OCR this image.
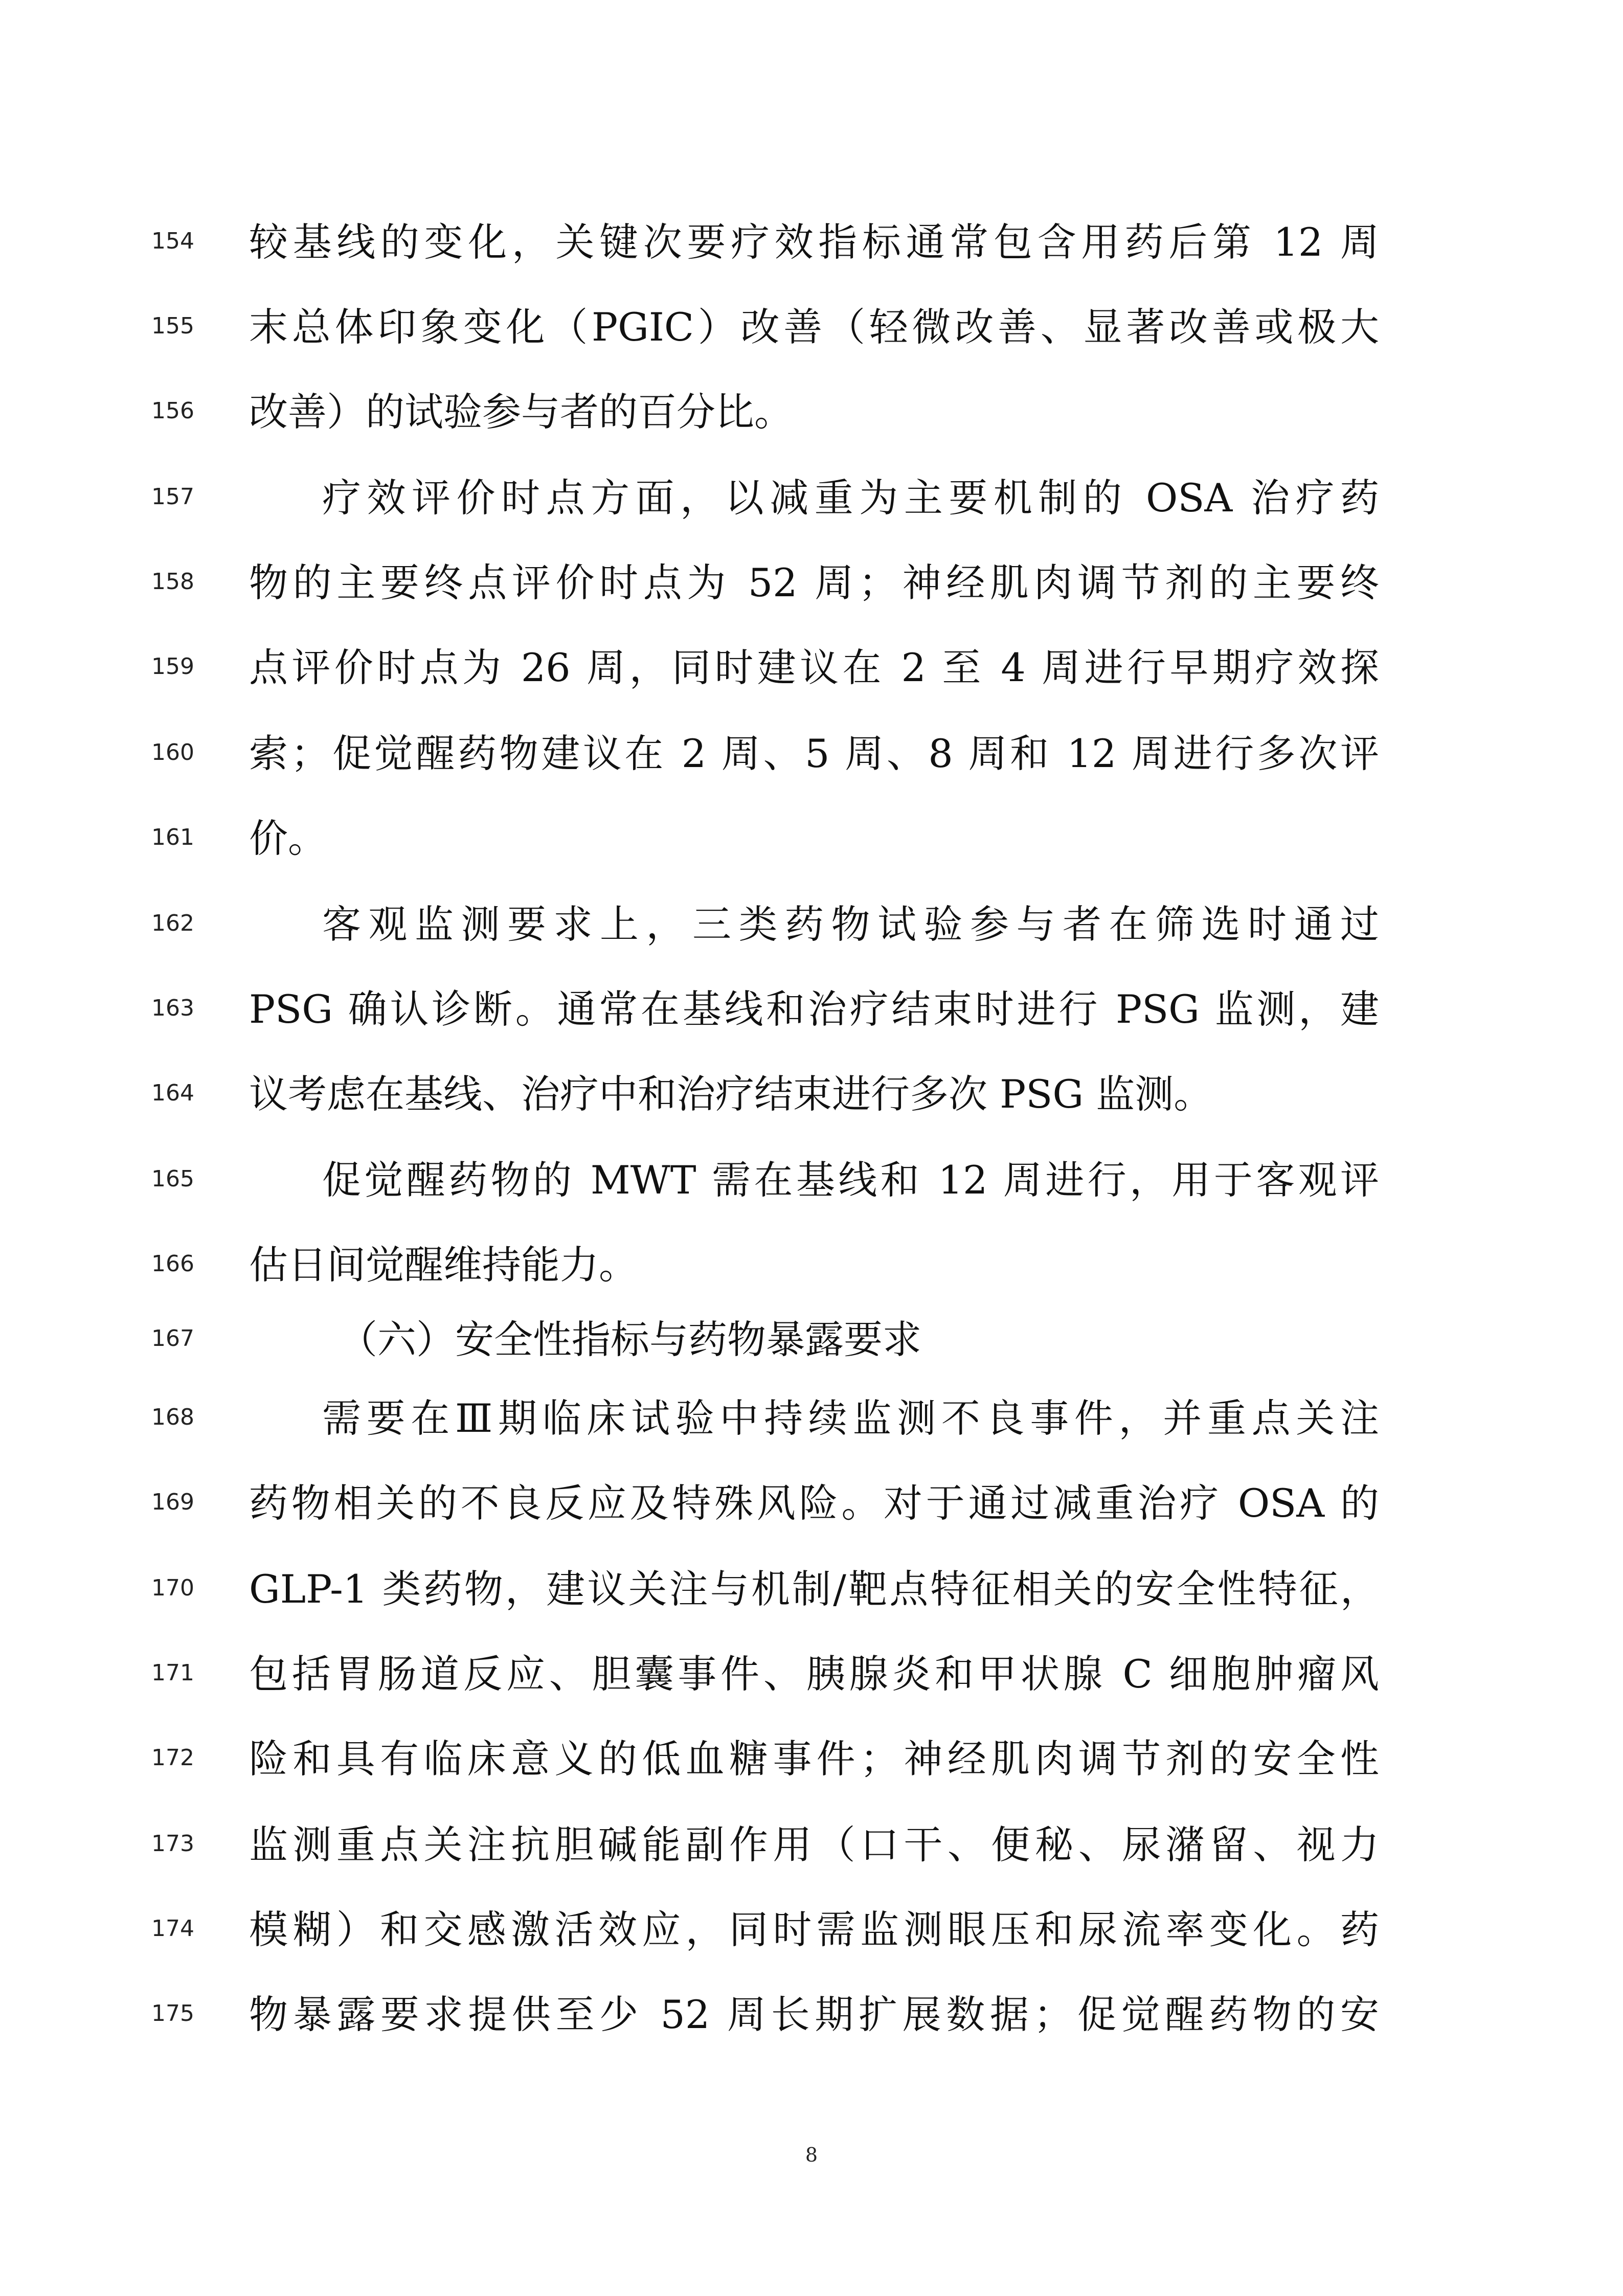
154	较基线的变化，关键次要疗效指标通常包含用药后第 12 周
155	末总体印象变化（PGIC）改善（轻微改善、显著改善或极大
156	改善）的试验参与者的百分比。
157	疗效评价时点方面，以减重为主要机制的 OSA 治疗药
158	物的主要终点评价时点为 52 周；神经肌肉调节剂的主要终
159	点评价时点为 26 周，同时建议在 2 至 4 周进行早期疗效探
160	索；促觉醒药物建议在 2 周、5 周、8 周和 12 周进行多次评
161	价。
162	客观监测要求上，三类药物试验参与者在筛选时通过
163	PSG 确认诊断。通常在基线和治疗结束时进行 PSG 监测，建
164	议考虑在基线、治疗中和治疗结束进行多次 PSG 监测。
165	促觉醒药物的 MWT 需在基线和 12 周进行，用于客观评
166	估日间觉醒维持能力。
167	（六）安全性指标与药物暴露要求
168	需要在Ⅲ期临床试验中持续监测不良事件，并重点关注
169	药物相关的不良反应及特殊风险。对于通过减重治疗 OSA 的
170	GLP-1 类药物，建议关注与机制/靶点特征相关的安全性特征，
171	包括胃肠道反应、胆囊事件、胰腺炎和甲状腺 C 细胞肿瘤风
172	险和具有临床意义的低血糖事件；神经肌肉调节剂的安全性
173	监测重点关注抗胆碱能副作用（口干、便秘、尿潴留、视力
174	模糊）和交感激活效应，同时需监测眼压和尿流率变化。药
175	物暴露要求提供至少 52 周长期扩展数据；促觉醒药物的安
8
